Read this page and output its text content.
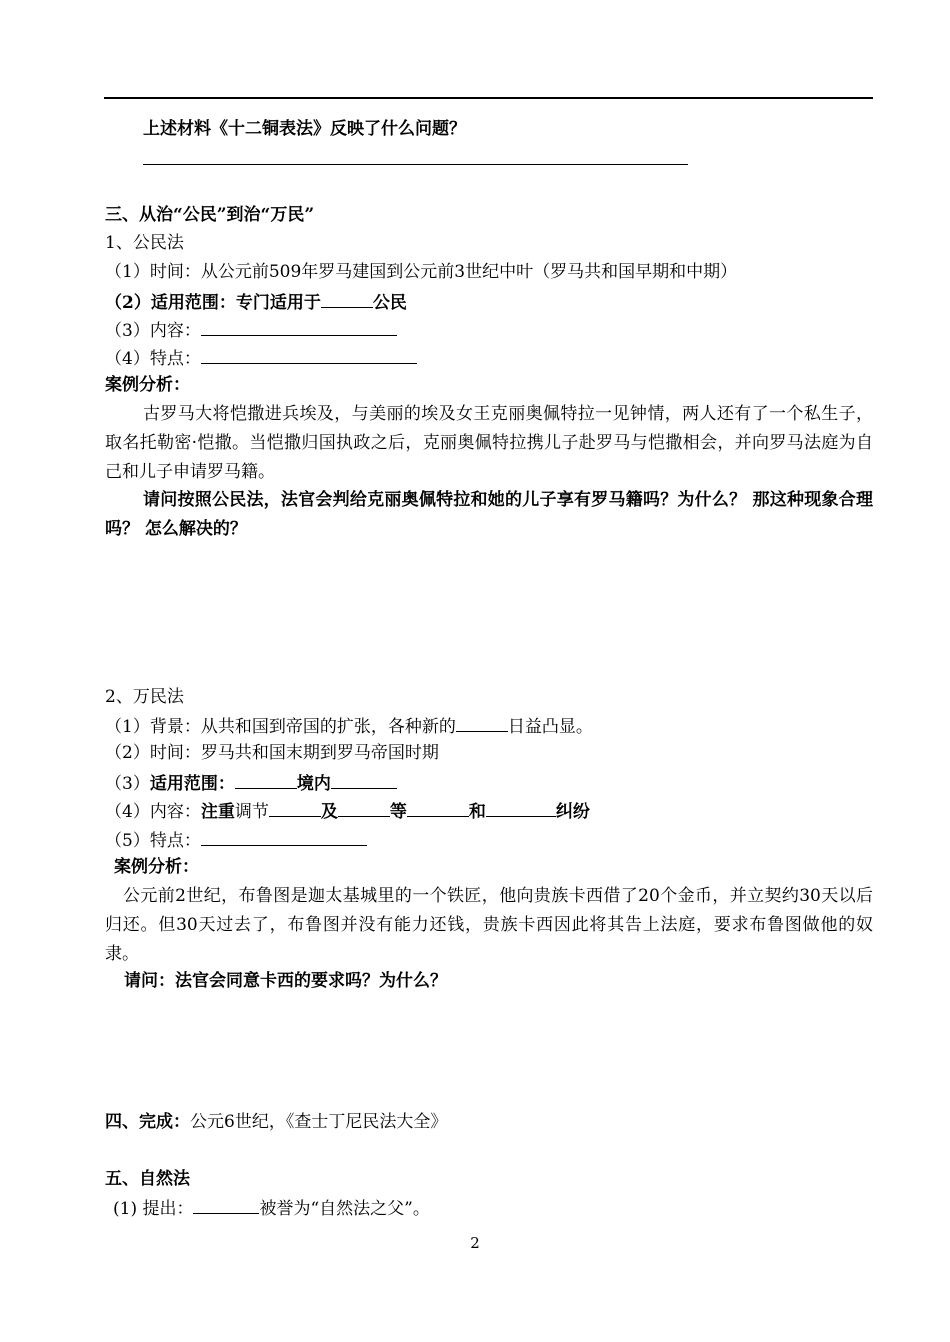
上述材料《十二铜表法》反映了什么问题？
三、从治“公民”到治“万民”
1、公民法
（1）时间：从公元前509年罗马建国到公元前3世纪中叶（罗马共和国早期和中期）
（2）适用范围：专门适用于	公民
（3）内容：
（4）特点：
案例分析：
古罗马大将恺撒进兵埃及，与美丽的埃及女王克丽奥佩特拉一见钟情，两人还有了一个私生子，取名托勒密·恺撒。当恺撒归国执政之后，克丽奥佩特拉携儿子赴罗马与恺撒相会，并向罗马法庭为自己和儿子申请罗马籍。
请问按照公民法，法官会判给克丽奥佩特拉和她的儿子享有罗马籍吗？为什么？ 那这种现象合理吗？ 怎么解决的？
2、万民法
（1）背景：从共和国到帝国的扩张，各种新的	日益凸显。
（2）时间：罗马共和国末期到罗马帝国时期
（3）适用范围：	境内
（4）内容：注重调节	及	等	和	纠纷
（5）特点：
案例分析：
公元前2世纪，布鲁图是迦太基城里的一个铁匠，他向贵族卡西借了20个金币，并立契约30天以后归还。但30天过去了，布鲁图并没有能力还钱，贵族卡西因此将其告上法庭，要求布鲁图做他的奴隶。
请问：法官会同意卡西的要求吗？为什么？
四、完成：公元6世纪，《查士丁尼民法大全》
五、自然法
(1) 提出：	被誉为“自然法之父”。
2
